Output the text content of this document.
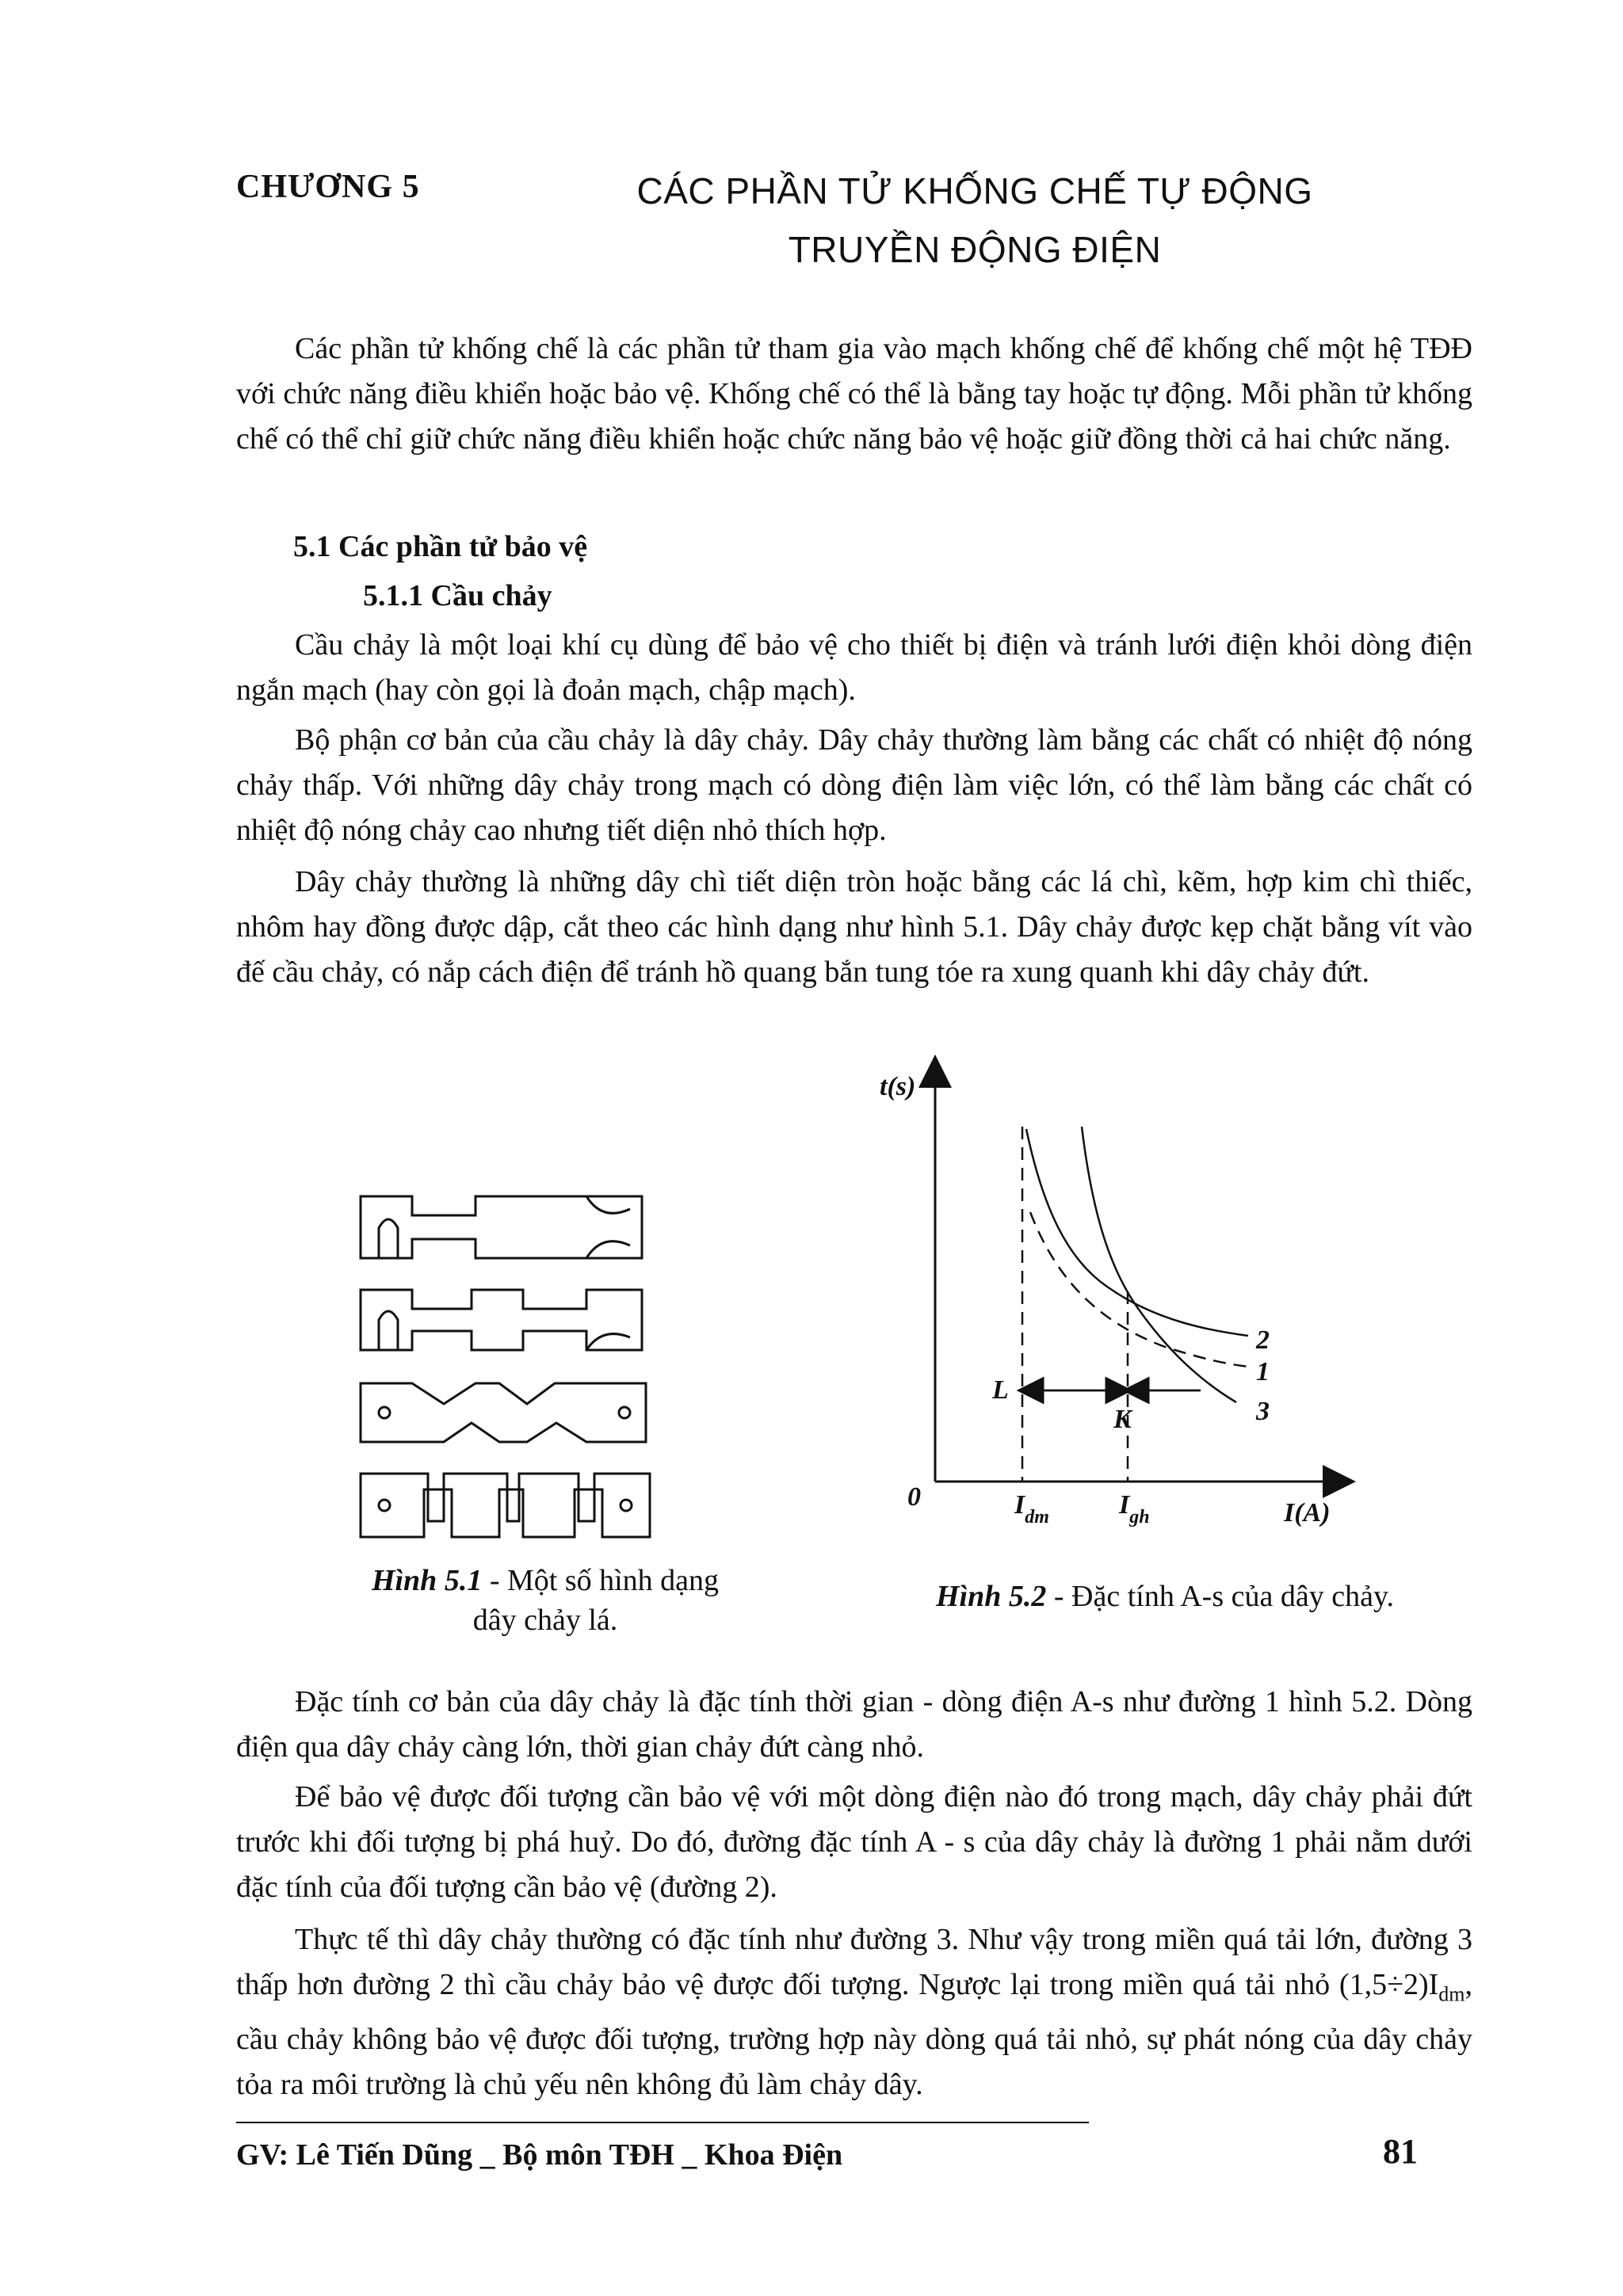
CHƯƠNG 5	CÁC PHẦN TỬ KHỐNG CHẾ TỰ ĐỘNG
TRUYỀN ĐỘNG ĐIỆN

Các phần tử khống chế là các phần tử tham gia vào mạch khống chế để khống chế một hệ TĐĐ với chức năng điều khiển hoặc bảo vệ. Khống chế có thể là bằng tay hoặc tự động. Mỗi phần tử khống chế có thể chỉ giữ chức năng điều khiển hoặc chức năng bảo vệ hoặc giữ đồng thời cả hai chức năng.

5.1 Các phần tử bảo vệ
5.1.1 Cầu chảy

Cầu chảy là một loại khí cụ dùng để bảo vệ cho thiết bị điện và tránh lưới điện khỏi dòng điện ngắn mạch (hay còn gọi là đoản mạch, chập mạch).

Bộ phận cơ bản của cầu chảy là dây chảy. Dây chảy thường làm bằng các chất có nhiệt độ nóng chảy thấp. Với những dây chảy trong mạch có dòng điện làm việc lớn, có thể làm bằng các chất có nhiệt độ nóng chảy cao nhưng tiết diện nhỏ thích hợp.

Dây chảy thường là những dây chì tiết diện tròn hoặc bằng các lá chì, kẽm, hợp kim chì thiếc, nhôm hay đồng được dập, cắt theo các hình dạng như hình 5.1. Dây chảy được kẹp chặt bằng vít vào đế cầu chảy, có nắp cách điện để tránh hồ quang bắn tung tóe ra xung quanh khi dây chảy đứt.

Hình 5.1 - Một số hình dạng
dây chảy lá.
t(s)
I(A)
0
L
K
2
1
3
$I_{dm}$	$I_{gh}$
Hình 5.2 - Đặc tính A-s của dây chảy.

Đặc tính cơ bản của dây chảy là đặc tính thời gian - dòng điện A-s như đường 1 hình 5.2. Dòng điện qua dây chảy càng lớn, thời gian chảy đứt càng nhỏ.

Để bảo vệ được đối tượng cần bảo vệ với một dòng điện nào đó trong mạch, dây chảy phải đứt trước khi đối tượng bị phá huỷ. Do đó, đường đặc tính A - s của dây chảy là đường 1 phải nằm dưới đặc tính của đối tượng cần bảo vệ (đường 2).

Thực tế thì dây chảy thường có đặc tính như đường 3. Như vậy trong miền quá tải lớn, đường 3 thấp hơn đường 2 thì cầu chảy bảo vệ được đối tượng. Ngược lại trong miền quá tải nhỏ $(1,5\div 2)I_{dm}$, cầu chảy không bảo vệ được đối tượng, trường hợp này dòng quá tải nhỏ, sự phát nóng của dây chảy tỏa ra môi trường là chủ yếu nên không đủ làm chảy dây.

GV: Lê Tiến Dũng _ Bộ môn TĐH _ Khoa Điện	81
